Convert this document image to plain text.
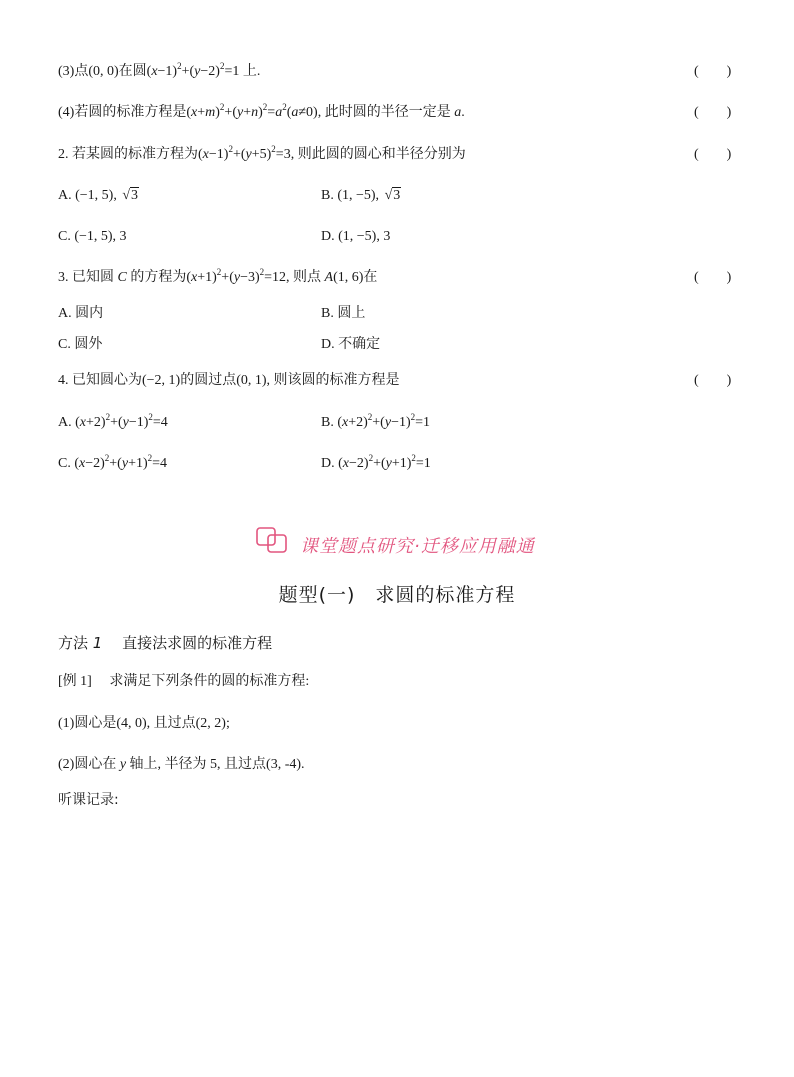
(3)点(0, 0)在圆$(x-1)^2+(y-2)^2=1$ 上.	(　　)
(4)若圆的标准方程是$(x+m)^2+(y+n)^2=a^2(a\ne 0)$, 此时圆的半径一定是 a.	(　　)
2. 若某圆的标准方程为$(x-1)^2+(y+5)^2=3$, 则此圆的圆心和半径分别为	(　　)
A. (−1, 5), √3	B. (1, −5), √3
C. (−1, 5), 3	D. (1, −5), 3
3. 已知圆 C 的方程为$(x+1)^2+(y-3)^2=12$, 则点 A(1, 6)在	(　　)
A. 圆内	B. 圆上
C. 圆外	D. 不确定
4. 已知圆心为(−2, 1)的圆过点(0, 1), 则该圆的标准方程是	(　　)
A. $(x+2)^2+(y-1)^2=4$	B. $(x+2)^2+(y-1)^2=1$
C. $(x-2)^2+(y+1)^2=4$	D. $(x-2)^2+(y+1)^2=1$
课堂题点研究·迁移应用融通
题型(一)　求圆的标准方程
方法 1　 直接法求圆的标准方程
[例 1]　 求满足下列条件的圆的标准方程:
(1)圆心是(4, 0), 且过点(2, 2);
(2)圆心在 y 轴上, 半径为 5, 且过点(3, -4).
听课记录:
